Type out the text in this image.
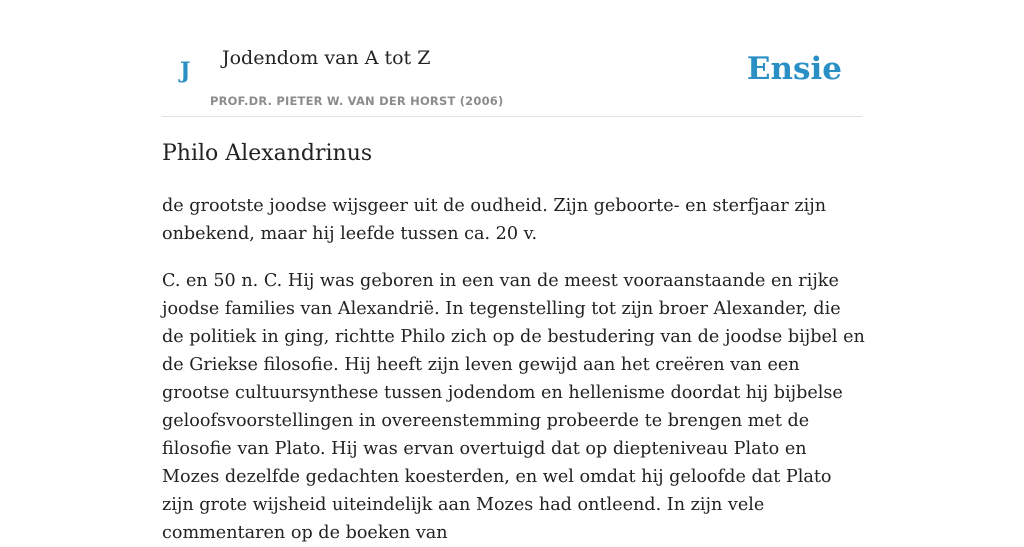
J Jodendom van A tot Z
PROF.DR. PIETER W. VAN DER HORST (2006)
Ensie
Philo Alexandrinus

de grootste joodse wijsgeer uit de oudheid. Zijn geboorte- en sterfjaar zijn onbekend, maar hij leefde tussen ca. 20 v.

C. en 50 n. C. Hij was geboren in een van de meest vooraanstaande en rijke joodse families van Alexandrië. In tegenstelling tot zijn broer Alexander, die de politiek in ging, richtte Philo zich op de bestudering van de joodse bijbel en de Griekse filosofie. Hij heeft zijn leven gewijd aan het creëren van een grootse cultuursynthese tussen jodendom en hellenisme doordat hij bijbelse geloofsvoorstellingen in overeenstemming probeerde te brengen met de filosofie van Plato. Hij was ervan overtuigd dat op diepteniveau Plato en Mozes dezelfde gedachten koesterden, en wel omdat hij geloofde dat Plato zijn grote wijsheid uiteindelijk aan Mozes had ontleend. In zijn vele commentaren op de boeken van
